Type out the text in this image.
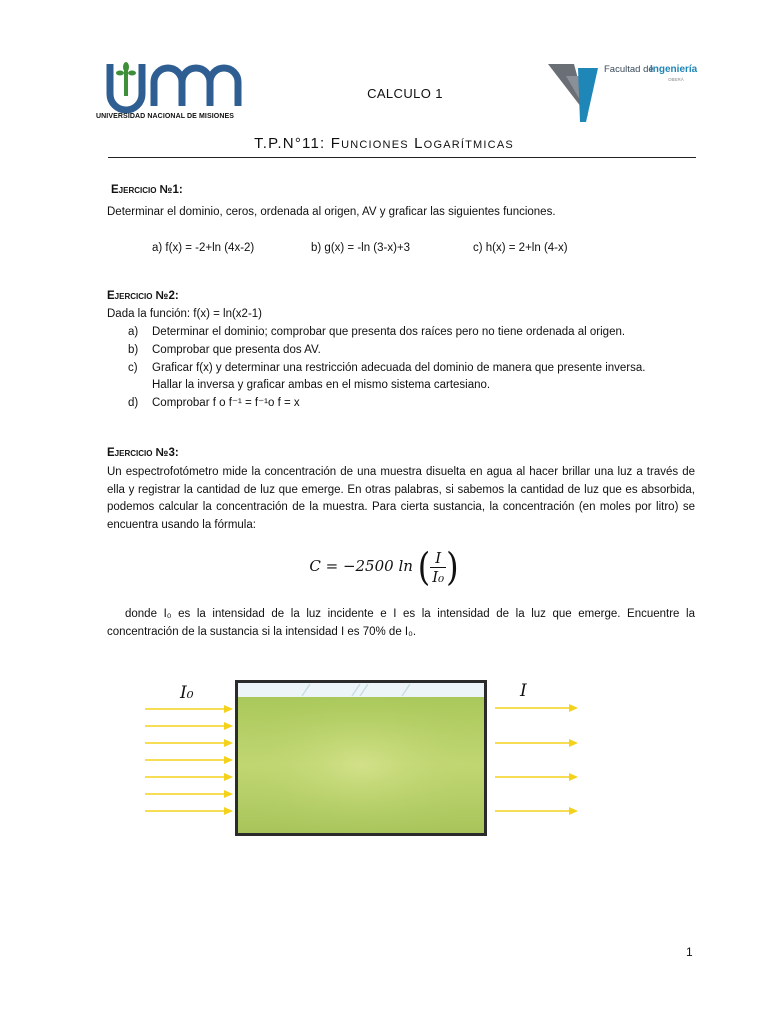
UNIVERSIDAD NACIONAL DE MISIONES
CALCULO 1
Facultad de
Ingeniería
OBERÁ
T.P.N°11: Funciones Logarítmicas
Ejercicio №1:
Determinar el dominio, ceros, ordenada al origen, AV y graficar las siguientes funciones.
a) f(x) = -2+ln (4x-2)	b) g(x) = -ln (3-x)+3	c) h(x) = 2+ln (4-x)
Ejercicio №2:
Dada la función: f(x) = ln(x2-1)
a) Determinar el dominio; comprobar que presenta dos raíces pero no tiene ordenada al origen.
b) Comprobar que presenta dos AV.
c) Graficar f(x) y determinar una restricción adecuada del dominio de manera que presente inversa.
Hallar la inversa y graficar ambas en el mismo sistema cartesiano.
d) Comprobar f o f⁻¹ = f⁻¹o f = x
Ejercicio №3:
Un espectrofotómetro mide la concentración de una muestra disuelta en agua al hacer brillar una luz a través de ella y registrar la cantidad de luz que emerge. En otras palabras, si sabemos la cantidad de luz que es absorbida, podemos calcular la concentración de la muestra. Para cierta sustancia, la concentración (en moles por litro) se encuentra usando la fórmula:
C = −2500 ln ( $\frac{I}{\text{I₀}}$ )
donde I₀ es la intensidad de la luz incidente e I es la intensidad de la luz que emerge. Encuentre la concentración de la sustancia si la intensidad I es 70% de I₀.
I₀	I
1
